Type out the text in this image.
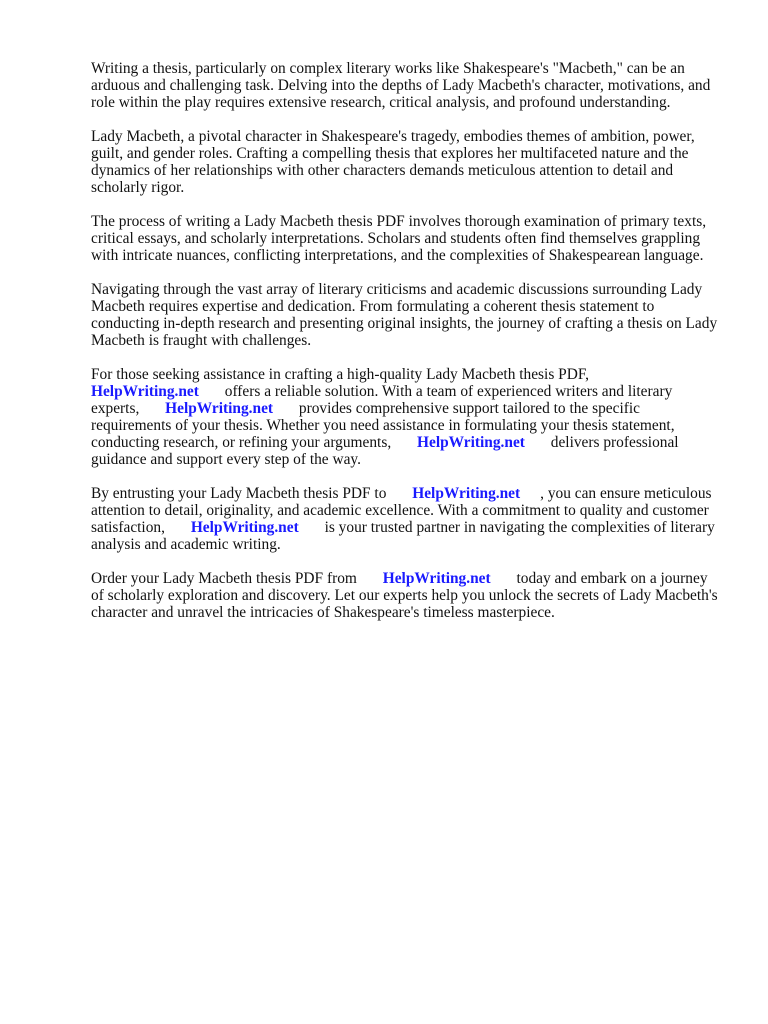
Writing a thesis, particularly on complex literary works like Shakespeare's "Macbeth," can be an arduous and challenging task. Delving into the depths of Lady Macbeth's character, motivations, and role within the play requires extensive research, critical analysis, and profound understanding.

Lady Macbeth, a pivotal character in Shakespeare's tragedy, embodies themes of ambition, power, guilt, and gender roles. Crafting a compelling thesis that explores her multifaceted nature and the dynamics of her relationships with other characters demands meticulous attention to detail and scholarly rigor.

The process of writing a Lady Macbeth thesis PDF involves thorough examination of primary texts, critical essays, and scholarly interpretations. Scholars and students often find themselves grappling with intricate nuances, conflicting interpretations, and the complexities of Shakespearean language.

Navigating through the vast array of literary criticisms and academic discussions surrounding Lady Macbeth requires expertise and dedication. From formulating a coherent thesis statement to conducting in-depth research and presenting original insights, the journey of crafting a thesis on Lady Macbeth is fraught with challenges.

For those seeking assistance in crafting a high-quality Lady Macbeth thesis PDF,
HelpWriting.net offers a reliable solution. With a team of experienced writers and literary experts, HelpWriting.net provides comprehensive support tailored to the specific requirements of your thesis. Whether you need assistance in formulating your thesis statement, conducting research, or refining your arguments, HelpWriting.net delivers professional guidance and support every step of the way.

By entrusting your Lady Macbeth thesis PDF to HelpWriting.net , you can ensure meticulous attention to detail, originality, and academic excellence. With a commitment to quality and customer satisfaction, HelpWriting.net is your trusted partner in navigating the complexities of literary analysis and academic writing.

Order your Lady Macbeth thesis PDF from HelpWriting.net today and embark on a journey of scholarly exploration and discovery. Let our experts help you unlock the secrets of Lady Macbeth's character and unravel the intricacies of Shakespeare's timeless masterpiece.
